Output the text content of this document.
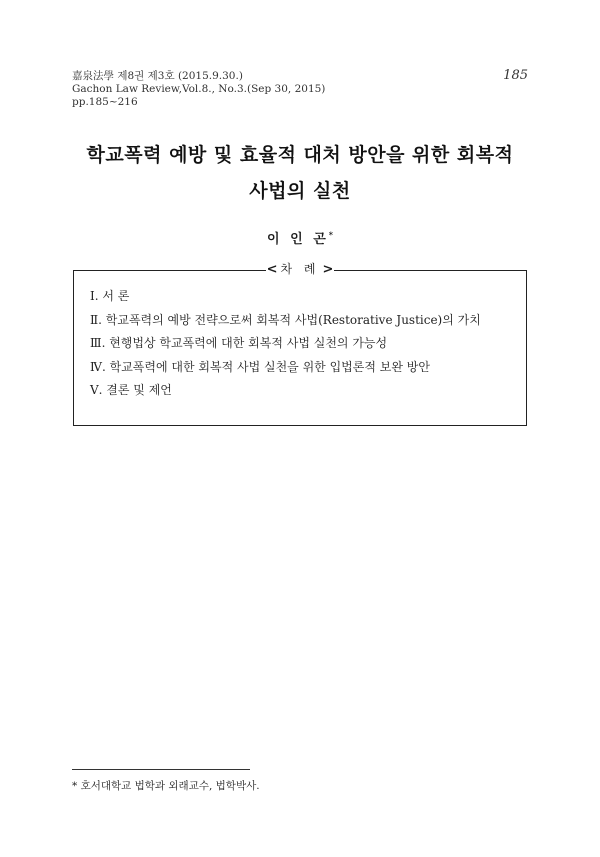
嘉泉法學 제8권 제3호 (2015.9.30.)
Gachon Law Review,Vol.8., No.3.(Sep 30, 2015)
pp.185~216
185
학교폭력 예방 및 효율적 대처 방안을 위한 회복적
사법의 실천
이 인 곤*
< 차 례 >
Ⅰ. 서 론
Ⅱ. 학교폭력의 예방 전략으로써 회복적 사법(Restorative Justice)의 가치
Ⅲ. 현행법상 학교폭력에 대한 회복적 사법 실천의 가능성
Ⅳ. 학교폭력에 대한 회복적 사법 실천을 위한 입법론적 보완 방안
Ⅴ. 결론 및 제언
* 호서대학교 법학과 외래교수, 법학박사.
